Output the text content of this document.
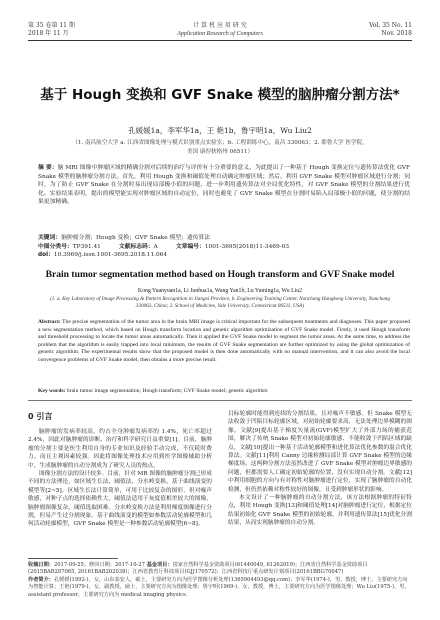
第 35 卷第 11 期	计 算 机 应 用 研 究	Vol. 35 No. 11
2018 年 11 月	Application Research of Computers	Nov. 2018
基于 Hough 变换和 GVF Snake 模型的脑肿瘤分割方法*
孔媛媛1a，李军华1a，王 艳1b，鲁宇明1a，Wu Liu2
（1. 南昌航空大学 a. 江西省图像处理与模式识别重点实验室；b. 工程训练中心，南昌 330063；2. 耶鲁大学 医学院，美国 康涅狄格州 06511）
摘 要：脑 MRI 图像中肿瘤区域的精确分割对后续的治疗与评价有十分重要的意义。为此提出了一种基于 Hough 变换定位与遗传算法优化 GVF Snake 模型的脑肿瘤分割方法。首先，利用 Hough 变换和阈值处理自动确定肿瘤区域；然后，利用 GVF Snake 模型对肿瘤区域进行分割；同时，为了防止 GVF Snake 在分割时易出现局部极小值的问题，进一步利用遗传算法对全局优化特性，对 GVF Snake 模型的分割结果进行优化。实验结果表明，提出的模型能实现对肿瘤区域的自动定位，同时也避免了 GVF Snake 模型在分割时易陷入局部极小值的问题，使分割的结果更加精确。
关键词：脑肿瘤分割；Hough 变换；GVF Snake 模型；遗传算法
中图分类号：TP391.41	文献标志码：A	文章编号：1001-3695(2018)11-3469-03
doi：10.3969/j.issn.1001-3695.2018.11.064
Brain tumor segmentation method based on Hough transform and GVF Snake model
Kong Yuanyuan1a, Li Junhua1a, Wang Yan1b, Lu Yuming1a, Wu Liu2
(1. a. Key Laboratory of Image Processing & Pattern Recognition in Jiangxi Province, b. Engineering Training Center, Nanchang Hangkong University, Nanchang 330063, China; 2. School of Medicine, Yale University, Connecticut 06511, USA)
Abstract: The precise segmentation of the tumor area in the brain MRI image is critical important for the subsequent treatments and diagnoses. This paper proposed a new segmentation method, which based on Hough transform location and genetic algorithm optimization of GVF Snake model. Firstly, it used Hough transform and threshold processing to locate the tumor areas automatically. Then it applied the GVF Snake model to segment the tumor areas. At the same time, to address the problem that the algorithm is easily trapped into local minimum, the results of GVF Snake segmentation are further optimized by using the global optimization of genetic algorithm. The experimental results show that the proposed model is then done automatically with no manual intervention, and it can also avoid the local convergence problems of GVF Snake model, then obtains a more precise result.
Key words: brain tumor image segmentation; Hough transform; GVF Snake model; genetic algorithm
0 引言

脑肿瘤的发病率较高，约占全身肿瘤发病率的 1.4%，死亡率超过 2.4%，因此对脑肿瘤的诊断、治疗和科学研究日益重要[1]。目前，脑肿瘤的分割主要是医生利用自身的专业知识及经验手动完成，不仅耗时费力，而且主观因素较强。因此将图像处理技术应用到医学图像辅助分析中，生成脑肿瘤的自动分割成为了研究人员的热点。

图像分割方法的设计较多。目前，针对 MR 图像的脑肿瘤分割已形成不同的方法理论，如区域生长法、阈值法、分水岭变换、基于曲线演变的模型等[2~5]。区域生长法计算简单，可用于比较复杂的图形，但对噪声敏感，对种子点的选择依赖性大。阈值法适用于灰度值相差较大的图像，脑肿瘤图像复杂，阈值选取困难。分水岭变换方法是利用梯度图像进行分割，但易产生过分割现象。基于曲线演变的模型如参数活动轮廓模型和几何活动轮廓模型，GVF Snake 模型是一种参数活动轮廓模型[6~8]。

目标轮廓时能得到连续的分割结果，且对噪声不敏感。但 Snake 模型无法收敛于凹陷目标轮廓区域，对初始轮廓要求高，无法处理边界模糊的图像。文献[9]提出基于梯度矢量流(GVF)模型扩大了外部力场的捕获范围，解决了传统 Snake 模型对初始轮廓敏感、不能收敛于凹陷区域的缺点。文献[10]提出一种基于活动轮廓模型和进化算法优化参数的混合优化算法。文献[11]利用 Canny 边缘检测局部计算 GVF Snake 模型的边缘梯度场。这两种分割方法虽然改进了 GVF Snake 模型对肿瘤边界敏感的问题，但都需要人工确定初始轮廓的位置，没有实现自动分割。文献[12]中利用细胞的方向与有对称性对脑肿瘤进行定位，实现了脑肿瘤的自动化检测，但仍然依赖对称性较好的图像，且受到肿瘤形状的影响。

本文设计了一种脑肿瘤的自动分割方法，该方法根据肿瘤的特征特点，利用 Hough 变换[13]和阈值处理[14]对脑肿瘤进行定位，根据定位结果初始化 GVF Snake 模型的初始轮廓，并利用遗传算法[15]优化分割结果，从而实现脑肿瘤的自动分割。

收稿日期：2017-09-25；修回日期：2017-10-27 基金项目：国家自然科学基金资助项目(61440049, 61262019)；江西省自然科学基金资助项目(2015BAB207065, 20161BAB202038)；江西省教育厅科技项目(GJJ170572)；江西省科技厅重点研发计划项目(20161BBG70047)
作者简介：孔媛媛(1992-)，女，山东泰安人，硕士，主要研究方向为医学图像分析处理(1365904493@qq.com)；李军华(1974-)，男，教授，博士，主要研究方向为智能计算；王艳(1979-)，女，副教授，硕士，主要研究方向为图像处理；鲁宇明(1969-)，女，教授，博士，主要研究方向为医学图像处理；Wu Liu(1975-)，男，assistant professor，主要研究方向为 medical imaging physics.
